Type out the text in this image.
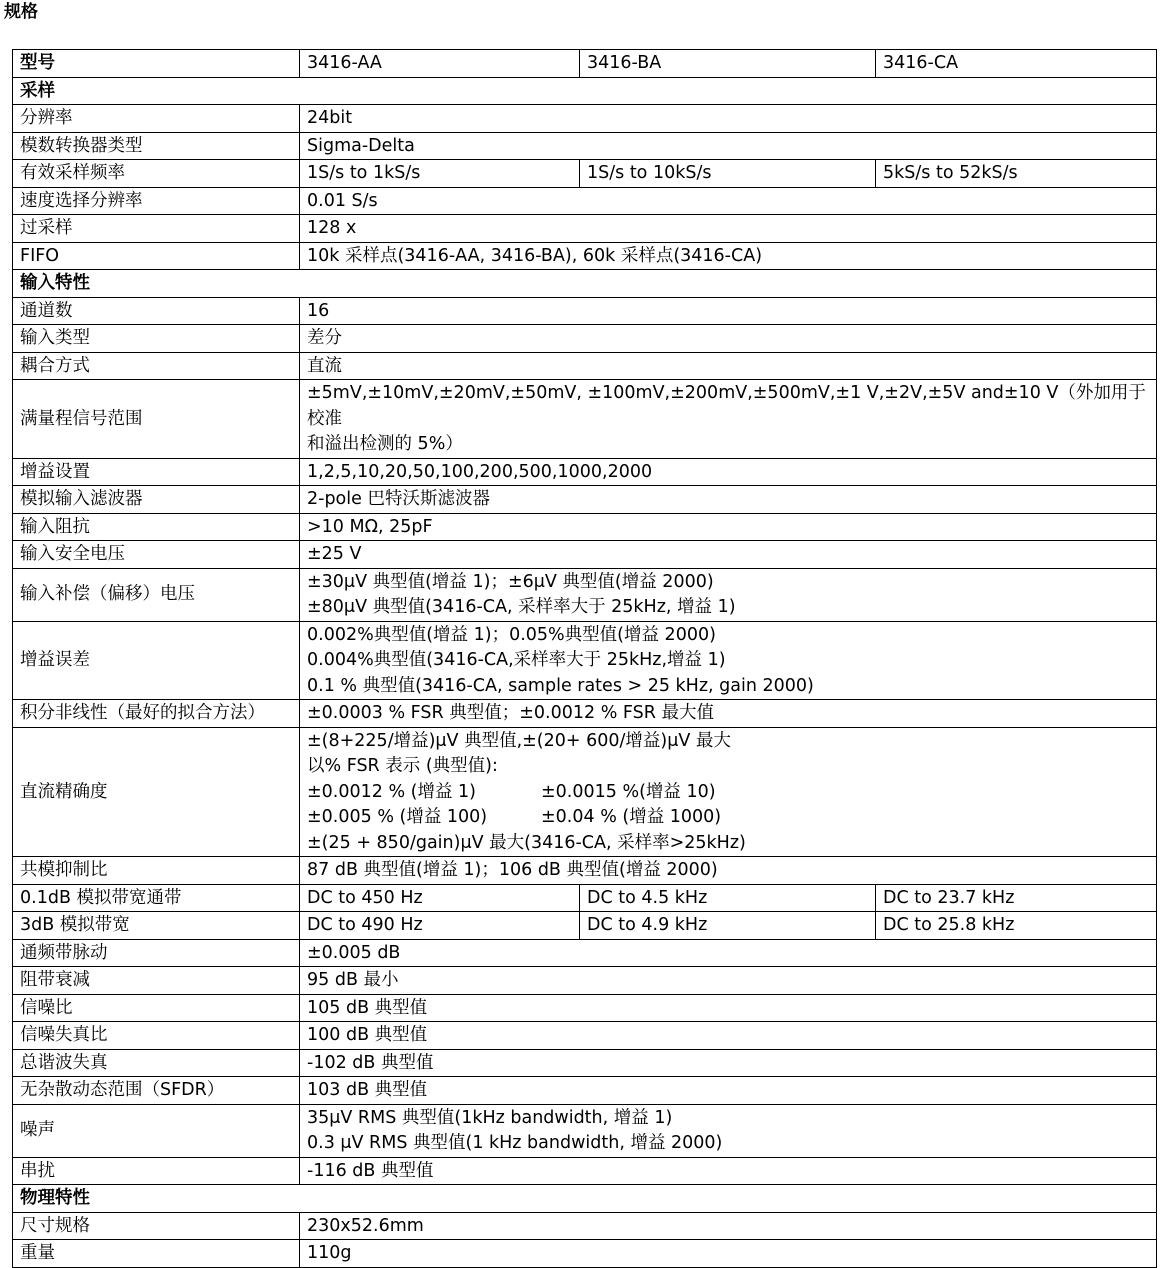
规格
型号	3416-AA	3416-BA	3416-CA
采样			
分辨率	24bit		
模数转换器类型	Sigma-Delta		
有效采样频率	1S/s to 1kS/s	1S/s to 10kS/s	5kS/s to 52kS/s
速度选择分辨率	0.01 S/s		
过采样	128 x		
FIFO	10k 采样点(3416-AA, 3416-BA), 60k 采样点(3416-CA)		
输入特性			
通道数	16		
输入类型	差分		
耦合方式	直流		
满量程信号范围	±5mV,±10mV,±20mV,±50mV, ±100mV,±200mV,±500mV,±1 V,±2V,±5V and±10 V（外加用于校准
和溢出检测的 5%）		

增益设置	1,2,5,10,20,50,100,200,500,1000,2000		
模拟输入滤波器	2-pole 巴特沃斯滤波器		
输入阻抗	>10 MΩ, 25pF		
输入安全电压	±25 V		
输入补偿（偏移）电压	±30μV 典型值(增益 1)；±6μV 典型值(增益 2000)
±80μV 典型值(3416-CA, 采样率大于 25kHz, 增益 1)		

增益误差	0.002%典型值(增益 1)；0.05%典型值(增益 2000)
0.004%典型值(3416-CA,采样率大于 25kHz,增益 1)
0.1 % 典型值(3416-CA, sample rates > 25 kHz, gain 2000)		

积分非线性（最好的拟合方法）	±0.0003 % FSR 典型值；±0.0012 % FSR 最大值		
直流精确度	±(8+225/增益)μV 典型值,±(20+ 600/增益)μV 最大
以% FSR 表示 (典型值):
±0.0012 % (增益 1) ±0.0015 %(增益 10)
±0.005 % (增益 100) ±0.04 % (增益 1000)
±(25 + 850/gain)μV 最大(3416-CA, 采样率>25kHz)		

共模抑制比	87 dB 典型值(增益 1)；106 dB 典型值(增益 2000)		
0.1dB 模拟带宽通带	DC to 450 Hz	DC to 4.5 kHz	DC to 23.7 kHz
3dB 模拟带宽	DC to 490 Hz	DC to 4.9 kHz	DC to 25.8 kHz
通频带脉动	±0.005 dB		
阻带衰减	95 dB 最小		
信噪比	105 dB 典型值		
信噪失真比	100 dB 典型值		
总谐波失真	-102 dB 典型值		
无杂散动态范围（SFDR）	103 dB 典型值		
噪声	35μV RMS 典型值(1kHz bandwidth, 增益 1)
0.3 μV RMS 典型值(1 kHz bandwidth, 增益 2000)		

串扰	-116 dB 典型值		
物理特性			
尺寸规格	230x52.6mm		
重量	110g		
